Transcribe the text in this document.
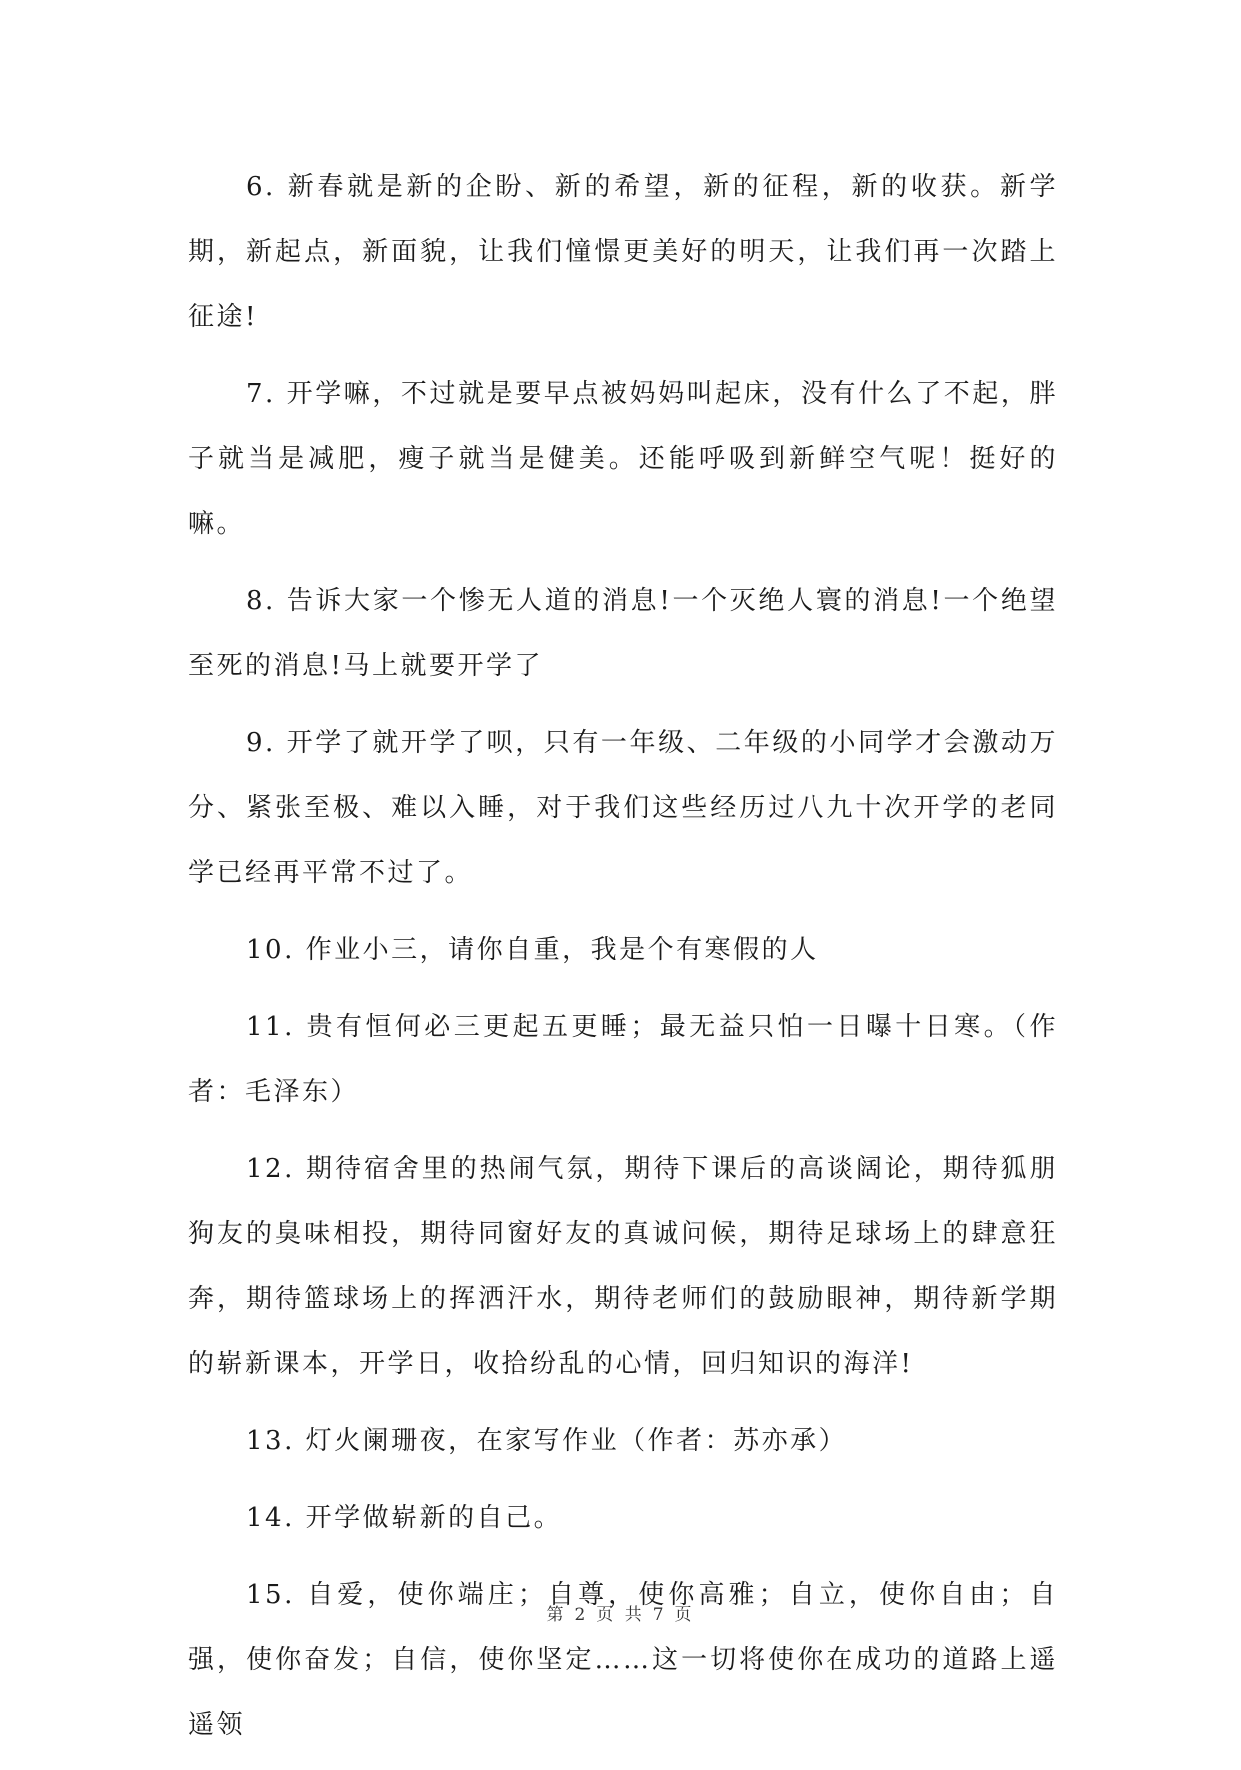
6. 新春就是新的企盼、新的希望，新的征程，新的收获。新学期，新起点，新面貌，让我们憧憬更美好的明天，让我们再一次踏上征途!

7. 开学嘛，不过就是要早点被妈妈叫起床，没有什么了不起，胖子就当是减肥，瘦子就当是健美。还能呼吸到新鲜空气呢！挺好的嘛。

8. 告诉大家一个惨无人道的消息!一个灭绝人寰的消息!一个绝望至死的消息!马上就要开学了

9. 开学了就开学了呗，只有一年级、二年级的小同学才会激动万分、紧张至极、难以入睡，对于我们这些经历过八九十次开学的老同学已经再平常不过了。

10. 作业小三，请你自重，我是个有寒假的人

11. 贵有恒何必三更起五更睡；最无益只怕一日曝十日寒。（作者：毛泽东）

12. 期待宿舍里的热闹气氛，期待下课后的高谈阔论，期待狐朋狗友的臭味相投，期待同窗好友的真诚问候，期待足球场上的肆意狂奔，期待篮球场上的挥洒汗水，期待老师们的鼓励眼神，期待新学期的崭新课本，开学日，收拾纷乱的心情，回归知识的海洋!

13. 灯火阑珊夜，在家写作业（作者：苏亦承）

14. 开学做崭新的自己。

15. 自爱，使你端庄；自尊，使你高雅；自立，使你自由；自强，使你奋发；自信，使你坚定……这一切将使你在成功的道路上遥遥领

第 2 页 共 7 页
